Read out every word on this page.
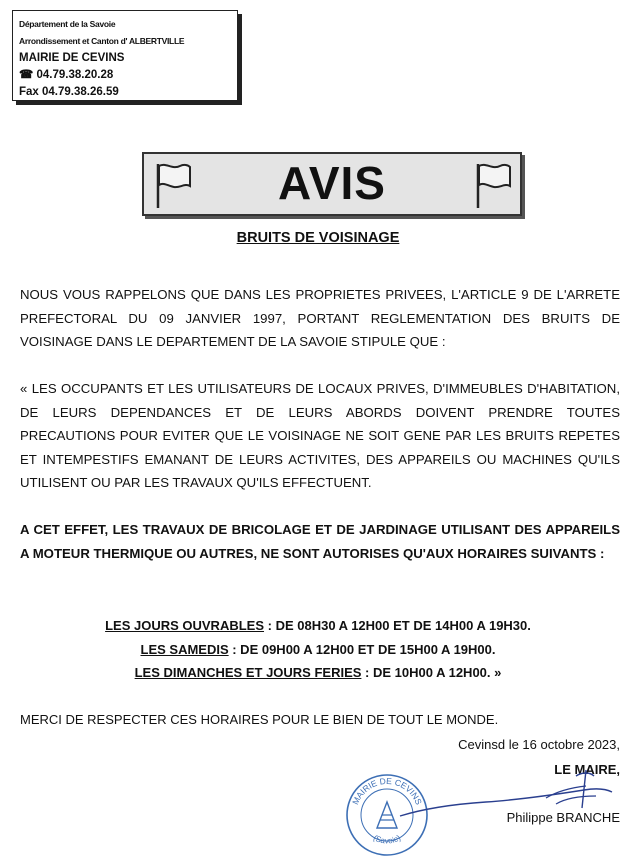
Département de la Savoie
Arrondissement et Canton d' ALBERTVILLE
MAIRIE DE CEVINS
☎ 04.79.38.20.28
Fax 04.79.38.26.59
AVIS
BRUITS DE VOISINAGE
NOUS VOUS RAPPELONS QUE DANS LES PROPRIETES PRIVEES, L'ARTICLE 9 DE L'ARRETE PREFECTORAL DU 09 JANVIER 1997, PORTANT REGLEMENTATION DES BRUITS DE VOISINAGE DANS LE DEPARTEMENT DE LA SAVOIE STIPULE QUE :
« LES OCCUPANTS ET LES UTILISATEURS DE LOCAUX PRIVES, D'IMMEUBLES D'HABITATION, DE LEURS DEPENDANCES ET DE LEURS ABORDS DOIVENT PRENDRE TOUTES PRECAUTIONS POUR EVITER QUE LE VOISINAGE NE SOIT GENE PAR LES BRUITS REPETES ET INTEMPESTIFS EMANANT DE LEURS ACTIVITES, DES APPAREILS OU MACHINES QU'ILS UTILISENT OU PAR LES TRAVAUX QU'ILS EFFECTUENT.
A CET EFFET, LES TRAVAUX DE BRICOLAGE ET DE JARDINAGE UTILISANT DES APPAREILS A MOTEUR THERMIQUE OU AUTRES, NE SONT AUTORISES QU'AUX HORAIRES SUIVANTS :
LES JOURS OUVRABLES : DE 08H30 A 12H00 ET DE 14H00 A 19H30.
LES SAMEDIS : DE 09H00 A 12H00 ET DE 15H00 A 19H00.
LES DIMANCHES ET JOURS FERIES : DE 10H00 A 12H00. »
MERCI DE RESPECTER CES HORAIRES POUR LE BIEN DE TOUT LE MONDE.
Cevinsd le 16 octobre 2023,
LE MAIRE,
MAIRIE DE CEVINS
(Savoie)
Philippe BRANCHE
